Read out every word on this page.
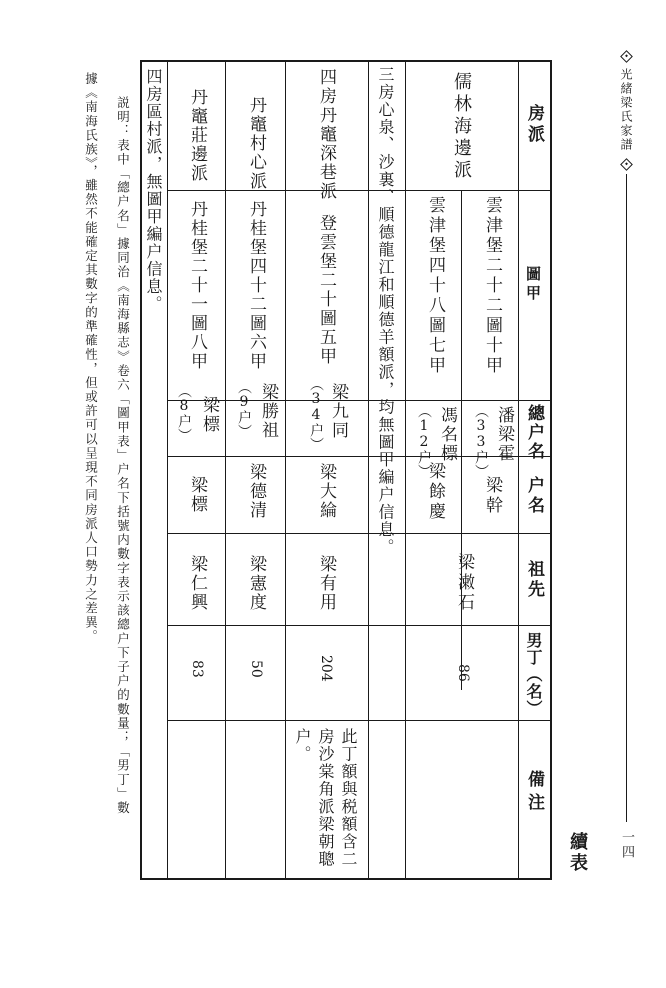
光緒梁氏家譜
一四
續表
房派
圖甲
總户名
户名
祖先
男丁（名）
備注
儒林海邊派
雲津堡二十二圖十甲
雲津堡四十八圖七甲
潘梁霍
（33户）
馮名標
（12户）
梁幹
梁餘慶
梁潄石
86
三房心泉、沙裏、順德龍江和順德羊額派，均無圖甲編户信息。
四房丹竈深巷派
登雲堡二十圖五甲
梁九同
（34户）
梁大綸
梁有用
204
此丁額與税額含二
房沙棠角派梁朝聰
户。
丹竈村心派
丹桂堡四十二圖六甲
梁勝祖
（9户）
梁德清
梁憲度
50
丹竈莊邊派
丹桂堡二十一圖八甲
梁標
（8户）
梁標
梁仁興
83
四房區村派，無圖甲編户信息。
説明：表中「總户名」據同治《南海縣志》卷六「圖甲表」户名下括號内數字表示該總户下子户的數量；「男丁」數
據《南海氏族》，雖然不能確定其數字的準確性，但或許可以呈現不同房派人口勢力之差異。
